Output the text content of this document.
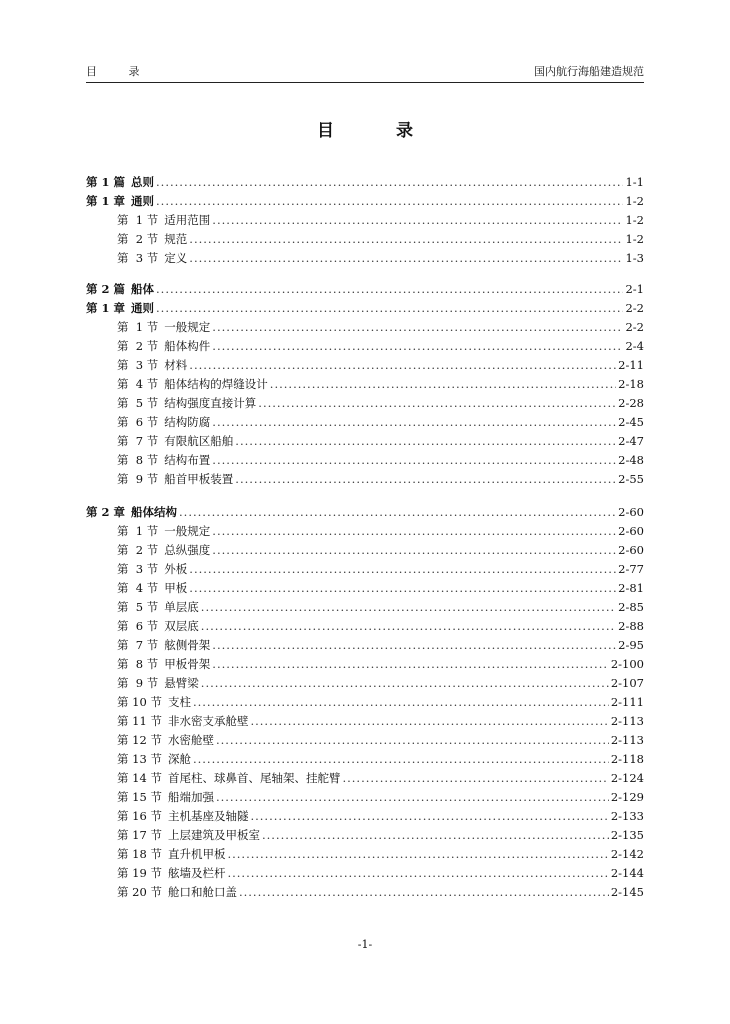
目 录	国内航行海船建造规范
目 录
第 1 篇 总则 .....	1-1
第 1 章 通则 .....	1-2
第  1 节 适用范围 .....	1-2
第  2 节 规范 .....	1-2
第  3 节 定义 .....	1-3
第 2 篇 船体 .....	2-1
第 1 章 通则 .....	2-2
第  1 节 一般规定 .....	2-2
第  2 节 船体构件 .....	2-4
第  3 节 材料 .....	2-11
第  4 节 船体结构的焊缝设计 .....	2-18
第  5 节 结构强度直接计算 .....	2-28
第  6 节 结构防腐 .....	2-45
第  7 节 有限航区船舶 .....	2-47
第  8 节 结构布置 .....	2-48
第  9 节 船首甲板装置 .....	2-55
第 2 章 船体结构 .....	2-60
第  1 节 一般规定 .....	2-60
第  2 节 总纵强度 .....	2-60
第  3 节 外板 .....	2-77
第  4 节 甲板 .....	2-81
第  5 节 单层底 .....	2-85
第  6 节 双层底 .....	2-88
第  7 节 舷侧骨架 .....	2-95
第  8 节 甲板骨架 .....	2-100
第  9 节 悬臂梁 .....	2-107
第 10 节 支柱 .....	2-111
第 11 节 非水密支承舱壁 .....	2-113
第 12 节 水密舱壁 .....	2-113
第 13 节 深舱 .....	2-118
第 14 节 首尾柱、球鼻首、尾轴架、挂舵臂 .....	2-124
第 15 节 船端加强 .....	2-129
第 16 节 主机基座及轴隧 .....	2-133
第 17 节 上层建筑及甲板室 .....	2-135
第 18 节 直升机甲板 .....	2-142
第 19 节 舷墙及栏杆 .....	2-144
第 20 节 舱口和舱口盖 .....	2-145
-1-
